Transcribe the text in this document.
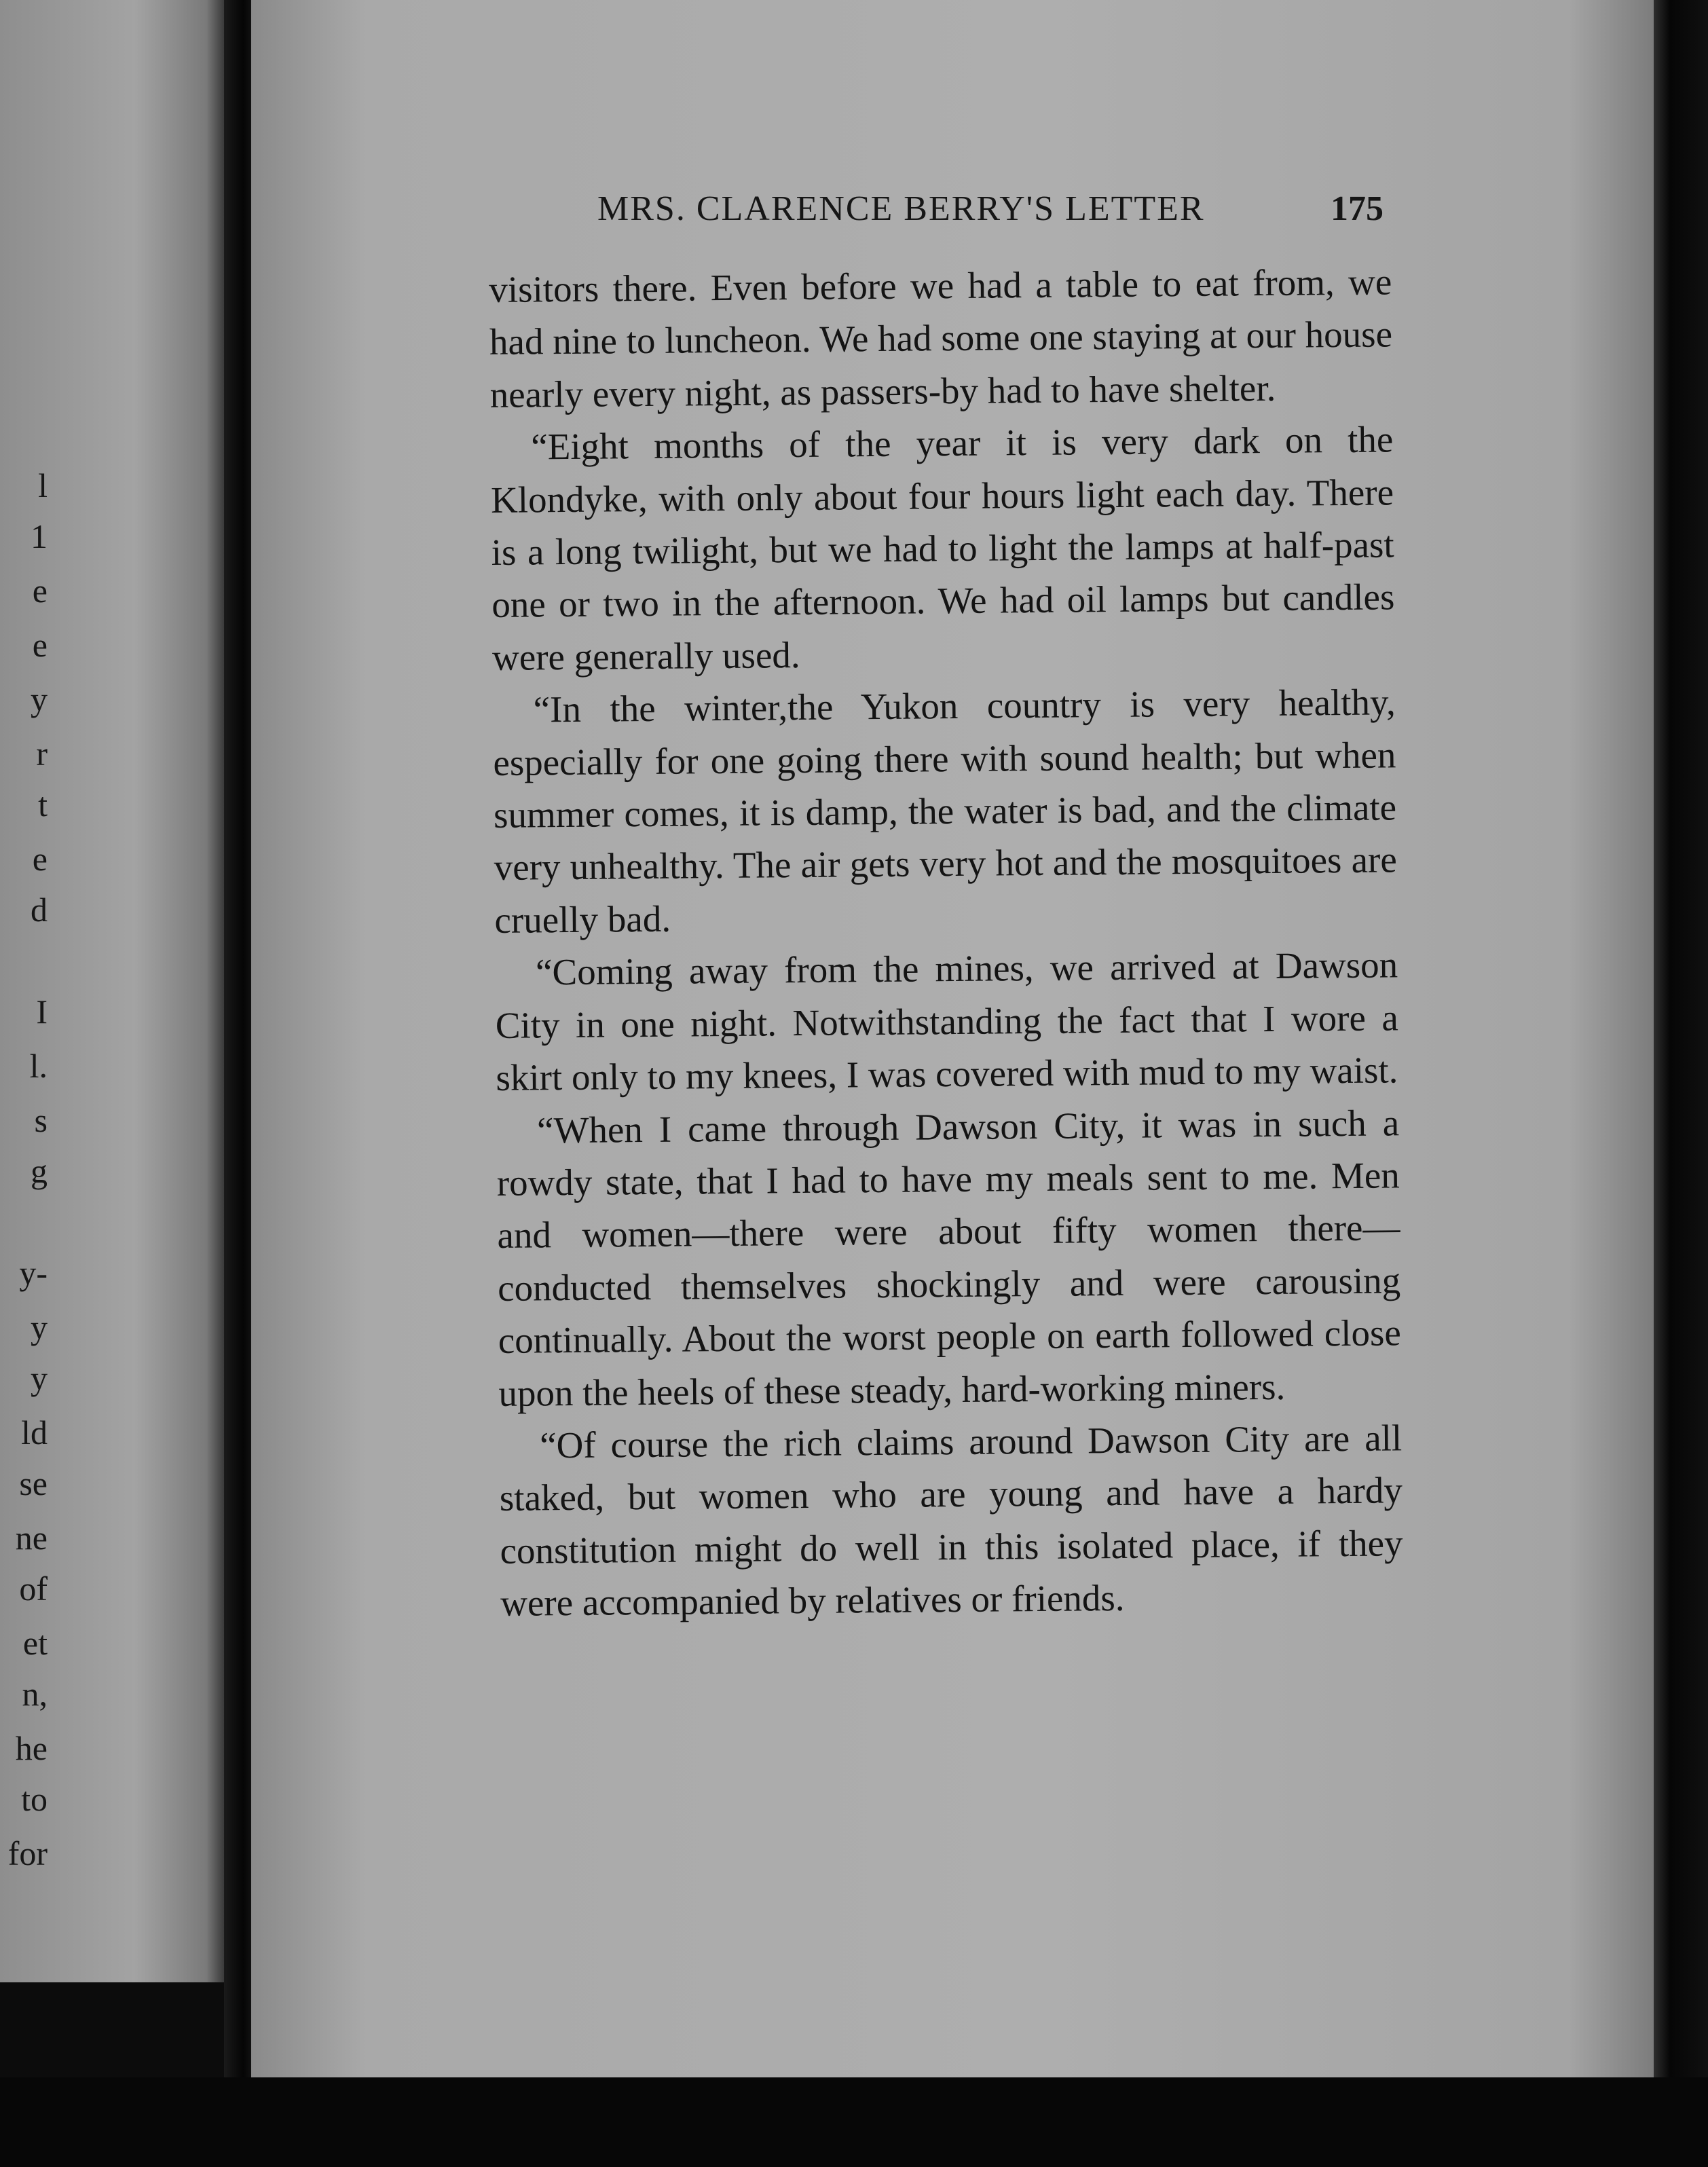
l
1
e
e
y
r
t
e
d
I
l.
s
g
y-
y
y
ld
se
ne
of
et
n,
he
to
for
MRS. CLARENCE BERRY'S LETTER	175

visitors there. Even before we had a table to eat from, we had nine to luncheon. We had some one staying at our house nearly every night, as passers-by had to have shelter.

“Eight months of the year it is very dark on the Klondyke, with only about four hours light each day. There is a long twilight, but we had to light the lamps at half-past one or two in the afternoon. We had oil lamps but candles were generally used.

“In the winter,the Yukon country is very healthy, especially for one going there with sound health; but when summer comes, it is damp, the water is bad, and the climate very unhealthy. The air gets very hot and the mosquitoes are cruelly bad.

“Coming away from the mines, we arrived at Dawson City in one night. Notwithstanding the fact that I wore a skirt only to my knees, I was covered with mud to my waist.

“When I came through Dawson City, it was in such a rowdy state, that I had to have my meals sent to me. Men and women—there were about fifty women there—conducted themselves shockingly and were carousing continually. About the worst people on earth followed close upon the heels of these steady, hard-working miners.

“Of course the rich claims around Dawson City are all staked, but women who are young and have a hardy constitution might do well in this isolated place, if they were accompanied by relatives or friends.
